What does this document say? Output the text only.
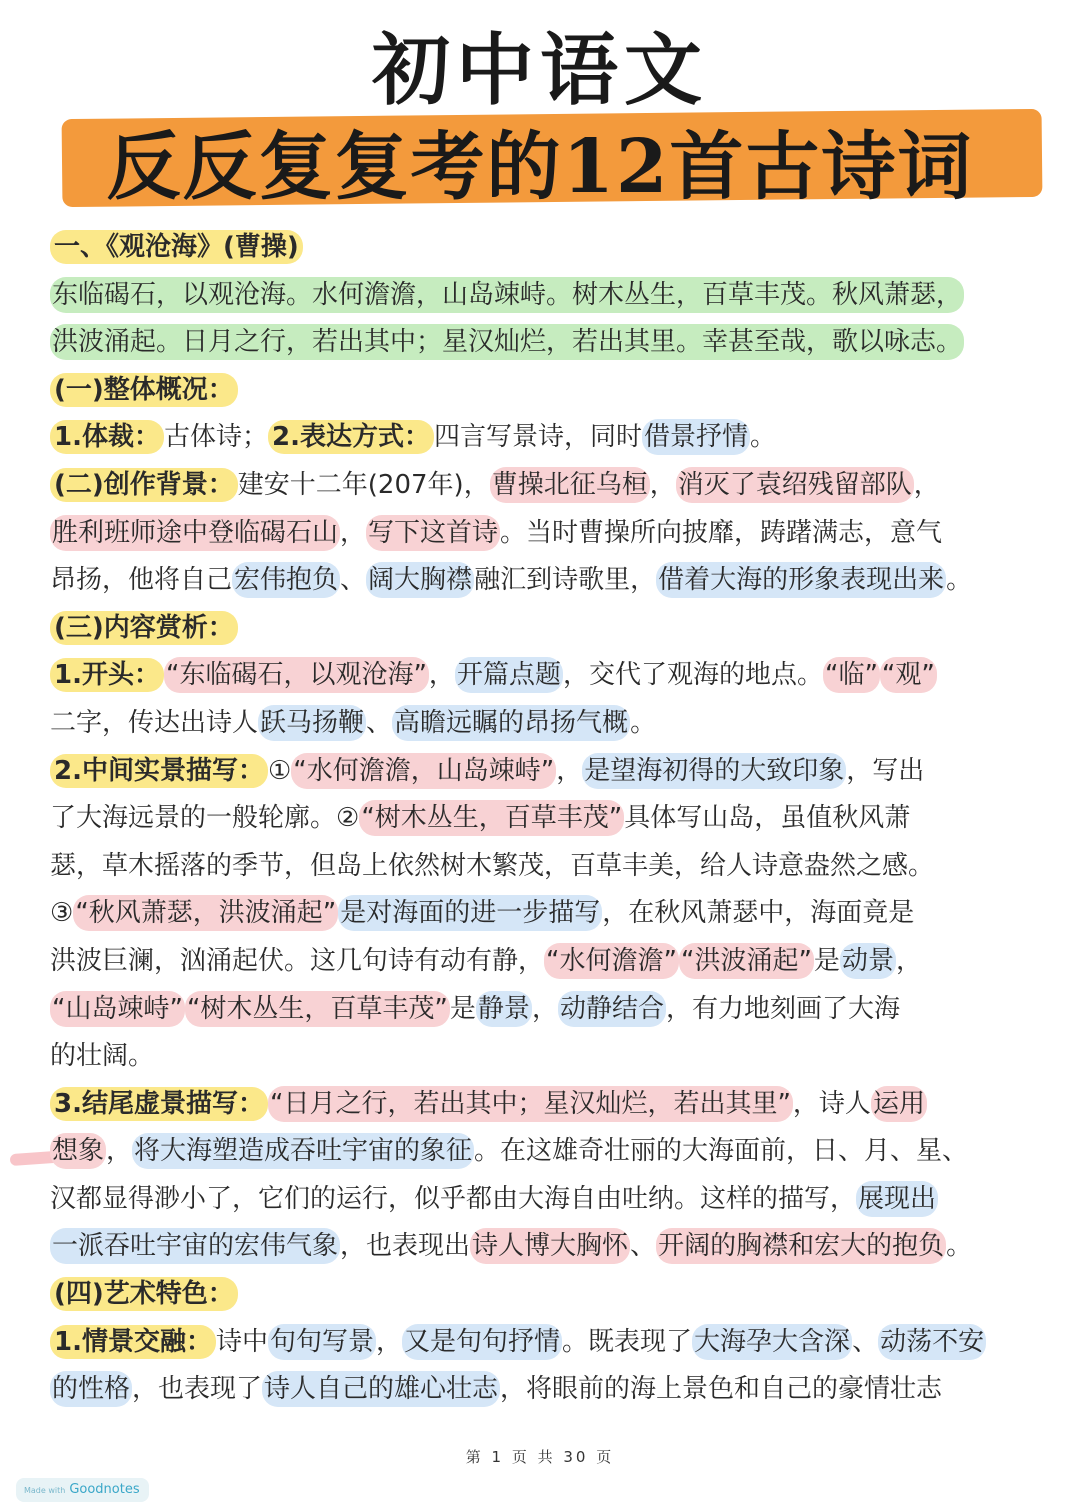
初中语文
反反复复考的12首古诗词
一、《观沧海》(曹操)
东临碣石，以观沧海。水何澹澹，山岛竦峙。树木丛生，百草丰茂。秋风萧瑟，
洪波涌起。日月之行，若出其中；星汉灿烂，若出其里。幸甚至哉，歌以咏志。
(一)整体概况：
1.体裁： 古体诗； 2.表达方式： 四言写景诗，同时借景抒情。
(二)创作背景： 建安十二年(207年)，曹操北征乌桓，消灭了袁绍残留部队，
胜利班师途中登临碣石山，写下这首诗。当时曹操所向披靡，踌躇满志，意气
昂扬，他将自己宏伟抱负、阔大胸襟融汇到诗歌里，借着大海的形象表现出来。
(三)内容赏析：
1.开头： “东临碣石，以观沧海”，开篇点题，交代了观海的地点。“临” “观”
二字，传达出诗人跃马扬鞭、高瞻远瞩的昂扬气概。
2.中间实景描写： ①“水何澹澹，山岛竦峙”，是望海初得的大致印象，写出
了大海远景的一般轮廓。②“树木丛生，百草丰茂”具体写山岛，虽值秋风萧
瑟，草木摇落的季节，但岛上依然树木繁茂，百草丰美，给人诗意盎然之感。
③“秋风萧瑟，洪波涌起” 是对海面的进一步描写，在秋风萧瑟中，海面竟是
洪波巨澜，汹涌起伏。这几句诗有动有静，“水何澹澹” “洪波涌起”是动景，
“山岛竦峙” “树木丛生，百草丰茂”是静景，动静结合，有力地刻画了大海
的壮阔。
3.结尾虚景描写： “日月之行，若出其中；星汉灿烂，若出其里”，诗人运用
想象，将大海塑造成吞吐宇宙的象征。在这雄奇壮丽的大海面前，日、月、星、
汉都显得渺小了，它们的运行，似乎都由大海自由吐纳。这样的描写，展现出
一派吞吐宇宙的宏伟气象，也表现出诗人博大胸怀、开阔的胸襟和宏大的抱负。
(四)艺术特色：
1.情景交融： 诗中句句写景，又是句句抒情。既表现了大海孕大含深、动荡不安
的性格，也表现了诗人自己的雄心壮志，将眼前的海上景色和自己的豪情壮志
第 1 页 共 30 页
Made with Goodnotes
